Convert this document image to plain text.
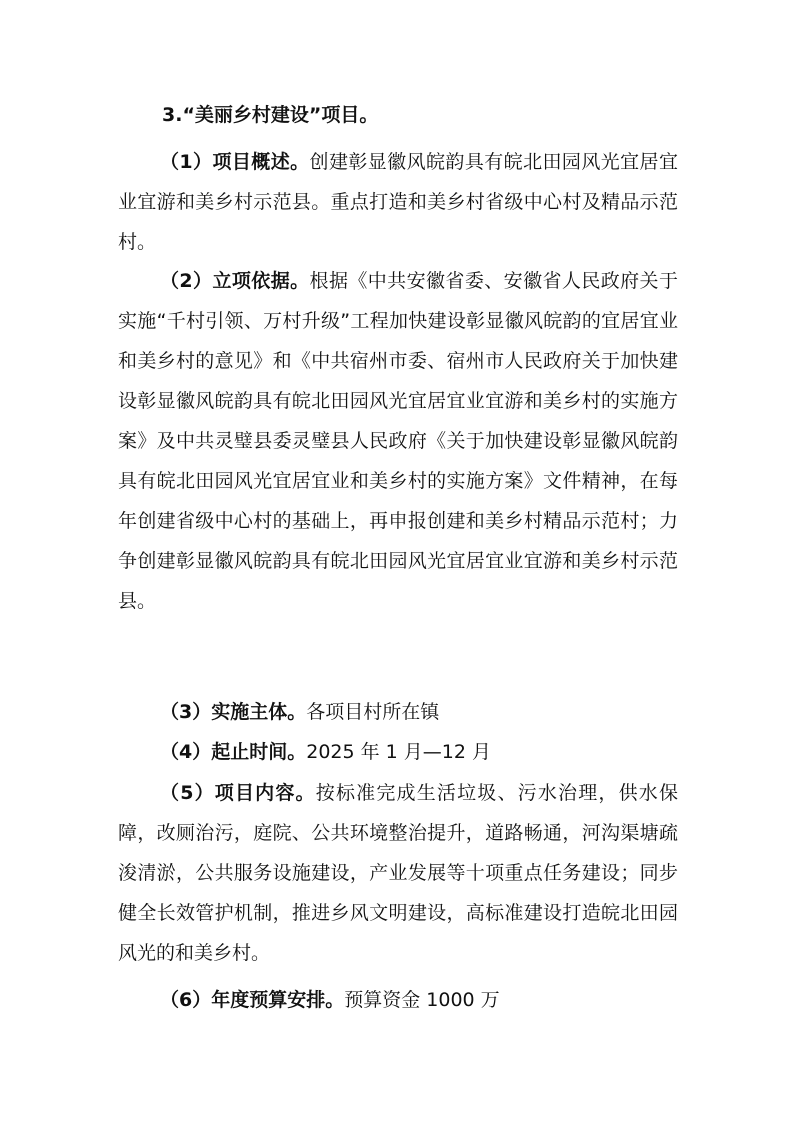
3.“美丽乡村建设”项目。

（1）项目概述。创建彰显徽风皖韵具有皖北田园风光宜居宜业宜游和美乡村示范县。重点打造和美乡村省级中心村及精品示范村。

（2）立项依据。根据《中共安徽省委、安徽省人民政府关于实施“千村引领、万村升级”工程加快建设彰显徽风皖韵的宜居宜业和美乡村的意见》和《中共宿州市委、宿州市人民政府关于加快建设彰显徽风皖韵具有皖北田园风光宜居宜业宜游和美乡村的实施方案》及中共灵璧县委灵璧县人民政府《关于加快建设彰显徽风皖韵具有皖北田园风光宜居宜业和美乡村的实施方案》文件精神，在每年创建省级中心村的基础上，再申报创建和美乡村精品示范村；力争创建彰显徽风皖韵具有皖北田园风光宜居宜业宜游和美乡村示范县。

（3）实施主体。各项目村所在镇

（4）起止时间。2025 年 1 月—12 月

（5）项目内容。按标准完成生活垃圾、污水治理，供水保障，改厕治污，庭院、公共环境整治提升，道路畅通，河沟渠塘疏浚清淤，公共服务设施建设，产业发展等十项重点任务建设；同步健全长效管护机制，推进乡风文明建设，高标准建设打造皖北田园风光的和美乡村。

（6）年度预算安排。预算资金 1000 万
